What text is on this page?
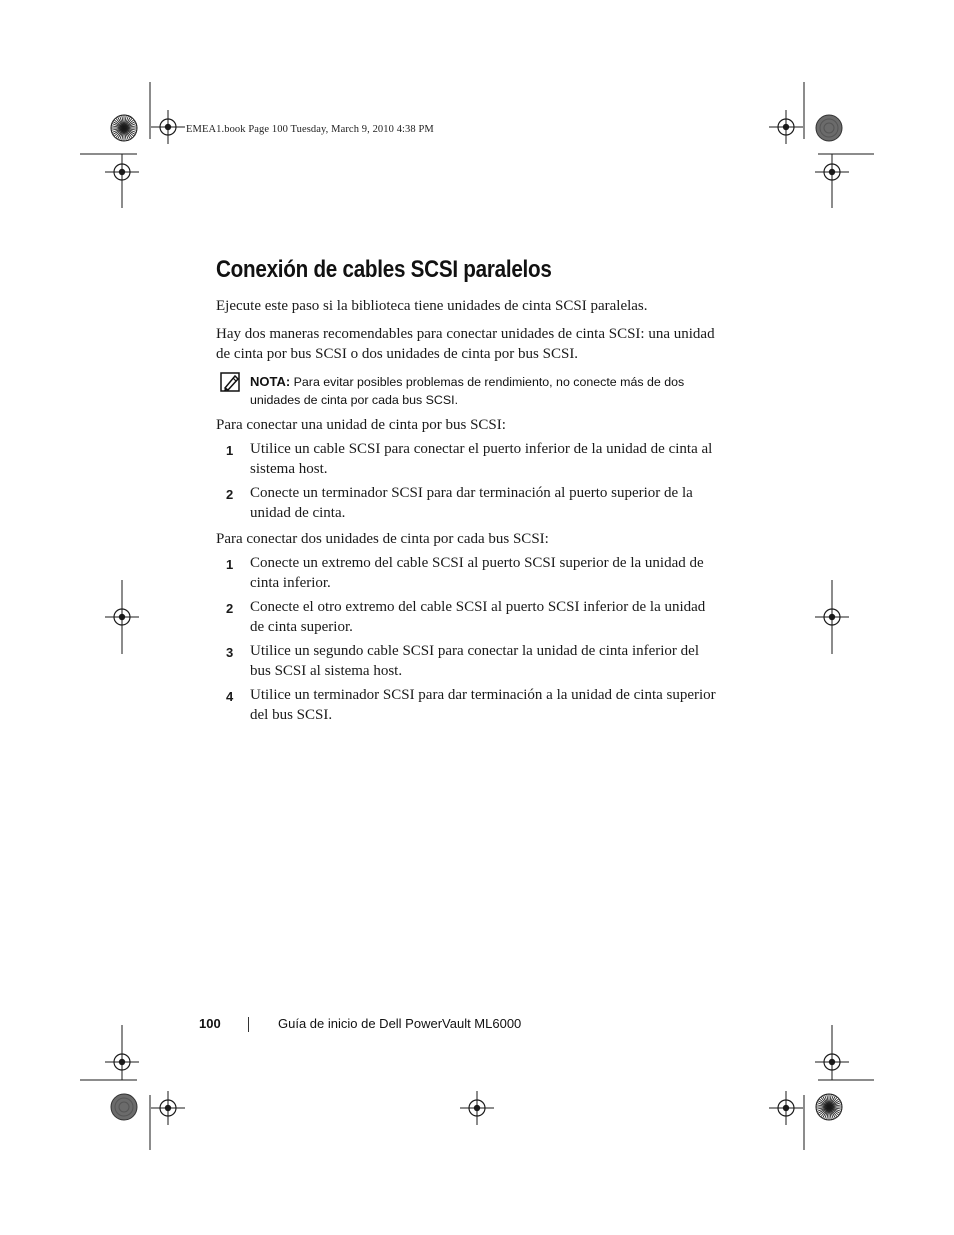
EMEA1.book Page 100 Tuesday, March 9, 2010 4:38 PM
Conexión de cables SCSI paralelos

Ejecute este paso si la biblioteca tiene unidades de cinta SCSI paralelas.

Hay dos maneras recomendables para conectar unidades de cinta SCSI: una unidad de cinta por bus SCSI o dos unidades de cinta por bus SCSI.

NOTA: Para evitar posibles problemas de rendimiento, no conecte más de dos unidades de cinta por cada bus SCSI.

Para conectar una unidad de cinta por bus SCSI:

1 Utilice un cable SCSI para conectar el puerto inferior de la unidad de cinta al sistema host.
2 Conecte un terminador SCSI para dar terminación al puerto superior de la unidad de cinta.

Para conectar dos unidades de cinta por cada bus SCSI:

1 Conecte un extremo del cable SCSI al puerto SCSI superior de la unidad de cinta inferior.
2 Conecte el otro extremo del cable SCSI al puerto SCSI inferior de la unidad de cinta superior.
3 Utilice un segundo cable SCSI para conectar la unidad de cinta inferior del bus SCSI al sistema host.
4 Utilice un terminador SCSI para dar terminación a la unidad de cinta superior del bus SCSI.
100	Guía de inicio de Dell PowerVault ML6000
